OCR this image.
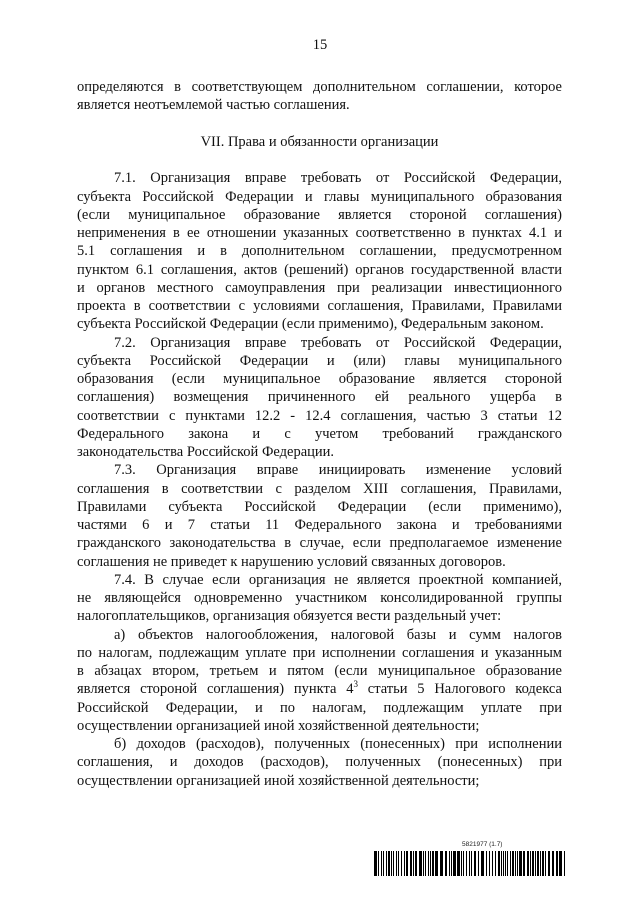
15
определяются в соответствующем дополнительном соглашении, которое
является неотъемлемой частью соглашения.
VII. Права и обязанности организации
7.1. Организация вправе требовать от Российской Федерации,
субъекта Российской Федерации и главы муниципального образования
(если муниципальное образование является стороной соглашения)
неприменения в ее отношении указанных соответственно в пунктах 4.1 и
5.1 соглашения и в дополнительном соглашении, предусмотренном
пунктом 6.1 соглашения, актов (решений) органов государственной власти
и органов местного самоуправления при реализации инвестиционного
проекта в соответствии с условиями соглашения, Правилами, Правилами
субъекта Российской Федерации (если применимо), Федеральным законом.
7.2. Организация вправе требовать от Российской Федерации,
субъекта Российской Федерации и (или) главы муниципального
образования (если муниципальное образование является стороной
соглашения) возмещения причиненного ей реального ущерба в
соответствии с пунктами 12.2 - 12.4 соглашения, частью 3 статьи 12
Федерального закона и с учетом требований гражданского
законодательства Российской Федерации.
7.3. Организация вправе инициировать изменение условий
соглашения в соответствии с разделом XIII соглашения, Правилами,
Правилами субъекта Российской Федерации (если применимо),
частями 6 и 7 статьи 11 Федерального закона и требованиями
гражданского законодательства в случае, если предполагаемое изменение
соглашения не приведет к нарушению условий связанных договоров.
7.4. В случае если организация не является проектной компанией,
не являющейся одновременно участником консолидированной группы
налогоплательщиков, организация обязуется вести раздельный учет:
а) объектов налогообложения, налоговой базы и сумм налогов
по налогам, подлежащим уплате при исполнении соглашения и указанным
в абзацах втором, третьем и пятом (если муниципальное образование
является стороной соглашения) пункта $4^3$ статьи 5 Налогового кодекса
Российской Федерации, и по налогам, подлежащим уплате при
осуществлении организацией иной хозяйственной деятельности;
б) доходов (расходов), полученных (понесенных) при исполнении
соглашения, и доходов (расходов), полученных (понесенных) при
осуществлении организацией иной хозяйственной деятельности;
5821977 (1.7)
